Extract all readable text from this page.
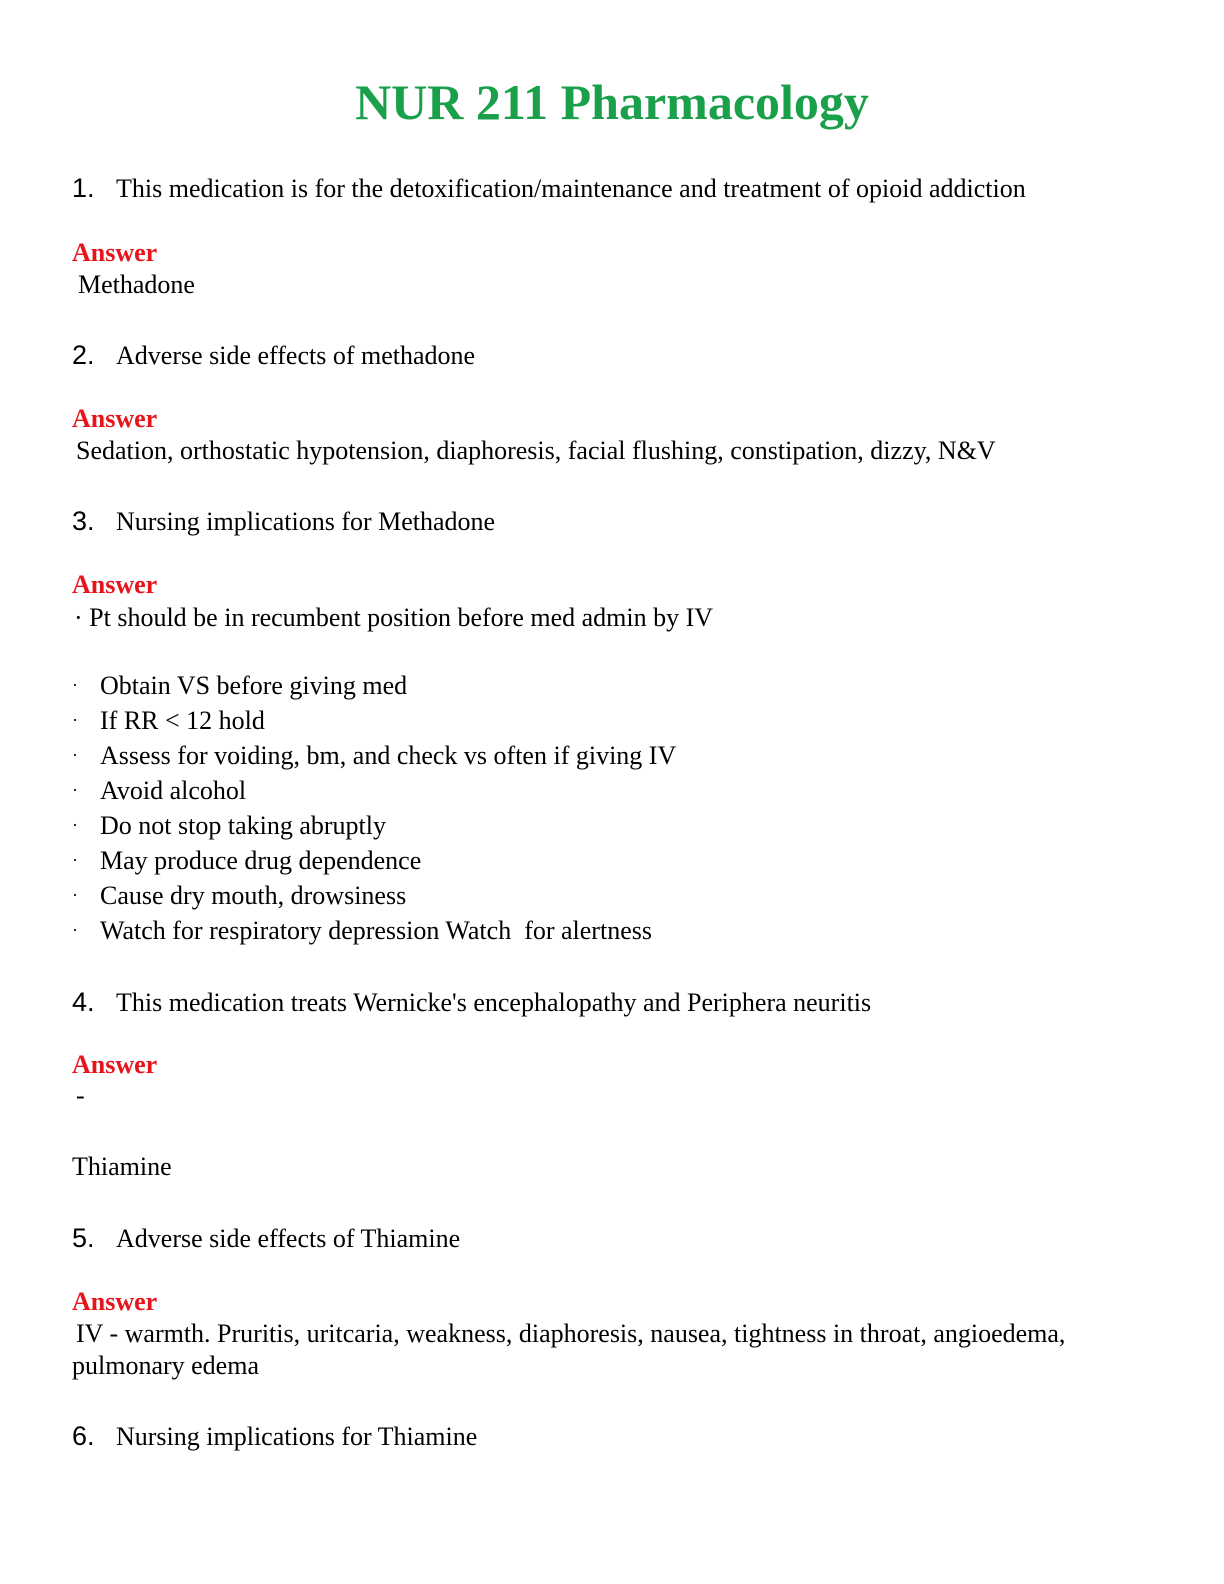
NUR 211 Pharmacology
1. This medication is for the detoxification/maintenance and treatment of opioid addiction
Answer
Methadone
2. Adverse side effects of methadone
Answer
Sedation, orthostatic hypotension, diaphoresis, facial flushing, constipation, dizzy, N&V
3. Nursing implications for Methadone
Answer
· Pt should be in recumbent position before med admin by IV
· Obtain VS before giving med
· If RR < 12 hold
· Assess for voiding, bm, and check vs often if giving IV
· Avoid alcohol
· Do not stop taking abruptly
· May produce drug dependence
· Cause dry mouth, drowsiness
· Watch for respiratory depression Watch  for alertness
4. This medication treats Wernicke's encephalopathy and Periphera neuritis
Answer
-
Thiamine
5. Adverse side effects of Thiamine
Answer
IV - warmth. Pruritis, uritcaria, weakness, diaphoresis, nausea, tightness in throat, angioedema,
pulmonary edema
6. Nursing implications for Thiamine
